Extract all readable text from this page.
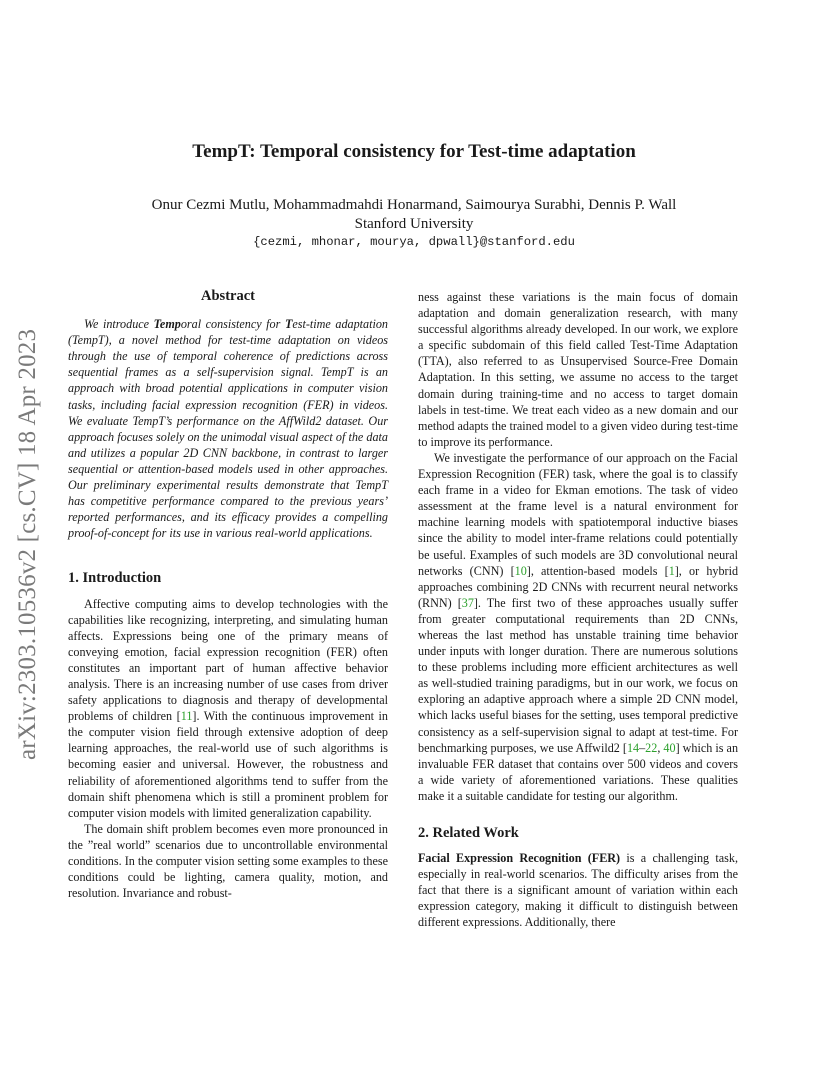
TempT: Temporal consistency for Test-time adaptation
Onur Cezmi Mutlu, Mohammadmahdi Honarmand, Saimourya Surabhi, Dennis P. Wall
Stanford University
{cezmi, mhonar, mourya, dpwall}@stanford.edu
arXiv:2303.10536v2 [cs.CV] 18 Apr 2023
Abstract

We introduce Temporal consistency for Test-time adaptation (TempT), a novel method for test-time adaptation on videos through the use of temporal coherence of predictions across sequential frames as a self-supervision signal. TempT is an approach with broad potential applications in computer vision tasks, including facial expression recognition (FER) in videos. We evaluate TempT’s performance on the AffWild2 dataset. Our approach focuses solely on the unimodal visual aspect of the data and utilizes a popular 2D CNN backbone, in contrast to larger sequential or attention-based models used in other approaches. Our preliminary experimental results demonstrate that TempT has competitive performance compared to the previous years’ reported performances, and its efficacy provides a compelling proof-of-concept for its use in various real-world applications.

1. Introduction

Affective computing aims to develop technologies with the capabilities like recognizing, interpreting, and simulating human affects. Expressions being one of the primary means of conveying emotion, facial expression recognition (FER) often constitutes an important part of human affective behavior analysis. There is an increasing number of use cases from driver safety applications to diagnosis and therapy of developmental problems of children [11]. With the continuous improvement in the computer vision field through extensive adoption of deep learning approaches, the real-world use of such algorithms is becoming easier and universal. However, the robustness and reliability of aforementioned algorithms tend to suffer from the domain shift phenomena which is still a prominent problem for computer vision models with limited generalization capability.

The domain shift problem becomes even more pronounced in the ”real world” scenarios due to uncontrollable environmental conditions. In the computer vision setting some examples to these conditions could be lighting, camera quality, motion, and resolution. Invariance and robust-

ness against these variations is the main focus of domain adaptation and domain generalization research, with many successful algorithms already developed. In our work, we explore a specific subdomain of this field called Test-Time Adaptation (TTA), also referred to as Unsupervised Source-Free Domain Adaptation. In this setting, we assume no access to the target domain during training-time and no access to target domain labels in test-time. We treat each video as a new domain and our method adapts the trained model to a given video during test-time to improve its performance.

We investigate the performance of our approach on the Facial Expression Recognition (FER) task, where the goal is to classify each frame in a video for Ekman emotions. The task of video assessment at the frame level is a natural environment for machine learning models with spatiotemporal inductive biases since the ability to model inter-frame relations could potentially be useful. Examples of such models are 3D convolutional neural networks (CNN) [10], attention-based models [1], or hybrid approaches combining 2D CNNs with recurrent neural networks (RNN) [37]. The first two of these approaches usually suffer from greater computational requirements than 2D CNNs, whereas the last method has unstable training time behavior under inputs with longer duration. There are numerous solutions to these problems including more efficient architectures as well as well-studied training paradigms, but in our work, we focus on exploring an adaptive approach where a simple 2D CNN model, which lacks useful biases for the setting, uses temporal predictive consistency as a self-supervision signal to adapt at test-time. For benchmarking purposes, we use Affwild2 [14–22, 40] which is an invaluable FER dataset that contains over 500 videos and covers a wide variety of aforementioned variations. These qualities make it a suitable candidate for testing our algorithm.

2. Related Work

Facial Expression Recognition (FER) is a challenging task, especially in real-world scenarios. The difficulty arises from the fact that there is a significant amount of variation within each expression category, making it difficult to distinguish between different expressions. Additionally, there
